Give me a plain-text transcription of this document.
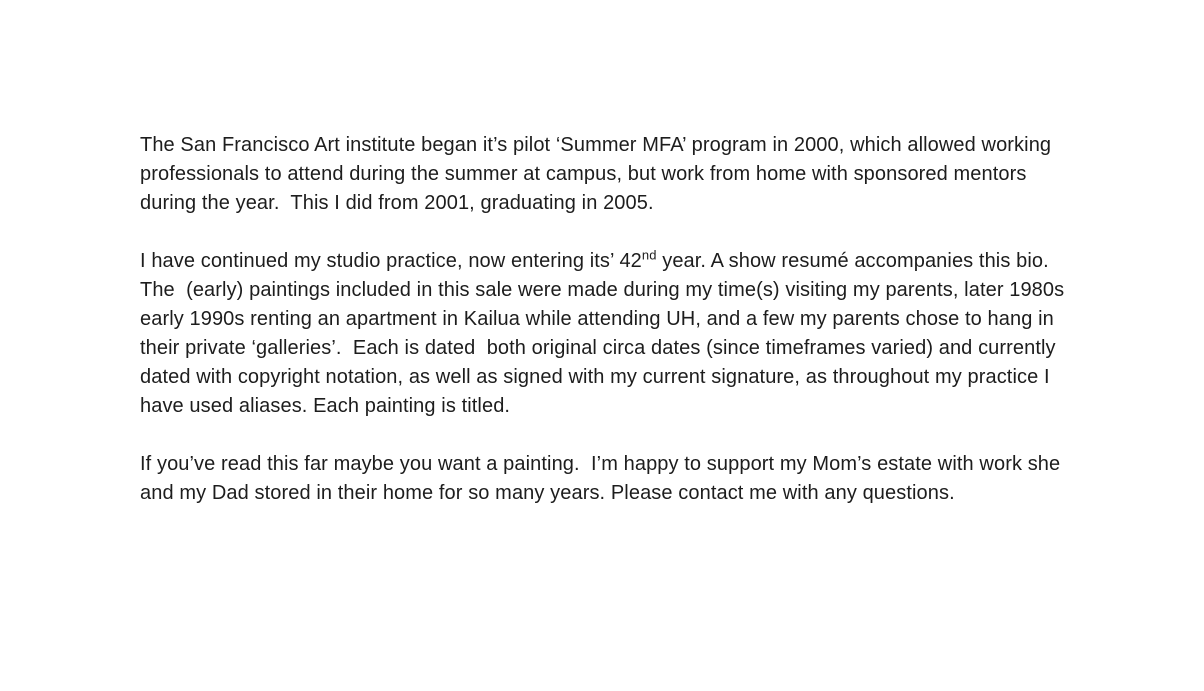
The San Francisco Art institute began it’s pilot ‘Summer MFA’ program in 2000, which allowed working professionals to attend during the summer at campus, but work from home with sponsored mentors during the year.  This I did from 2001, graduating in 2005.

I have continued my studio practice, now entering its’ 42nd year. A show resumé accompanies this bio. The  (early) paintings included in this sale were made during my time(s) visiting my parents, later 1980s early 1990s renting an apartment in Kailua while attending UH, and a few my parents chose to hang in their private ‘galleries’.  Each is dated  both original circa dates (since timeframes varied) and currently dated with copyright notation, as well as signed with my current signature, as throughout my practice I have used aliases. Each painting is titled.

If you’ve read this far maybe you want a painting.  I’m happy to support my Mom’s estate with work she and my Dad stored in their home for so many years. Please contact me with any questions.
